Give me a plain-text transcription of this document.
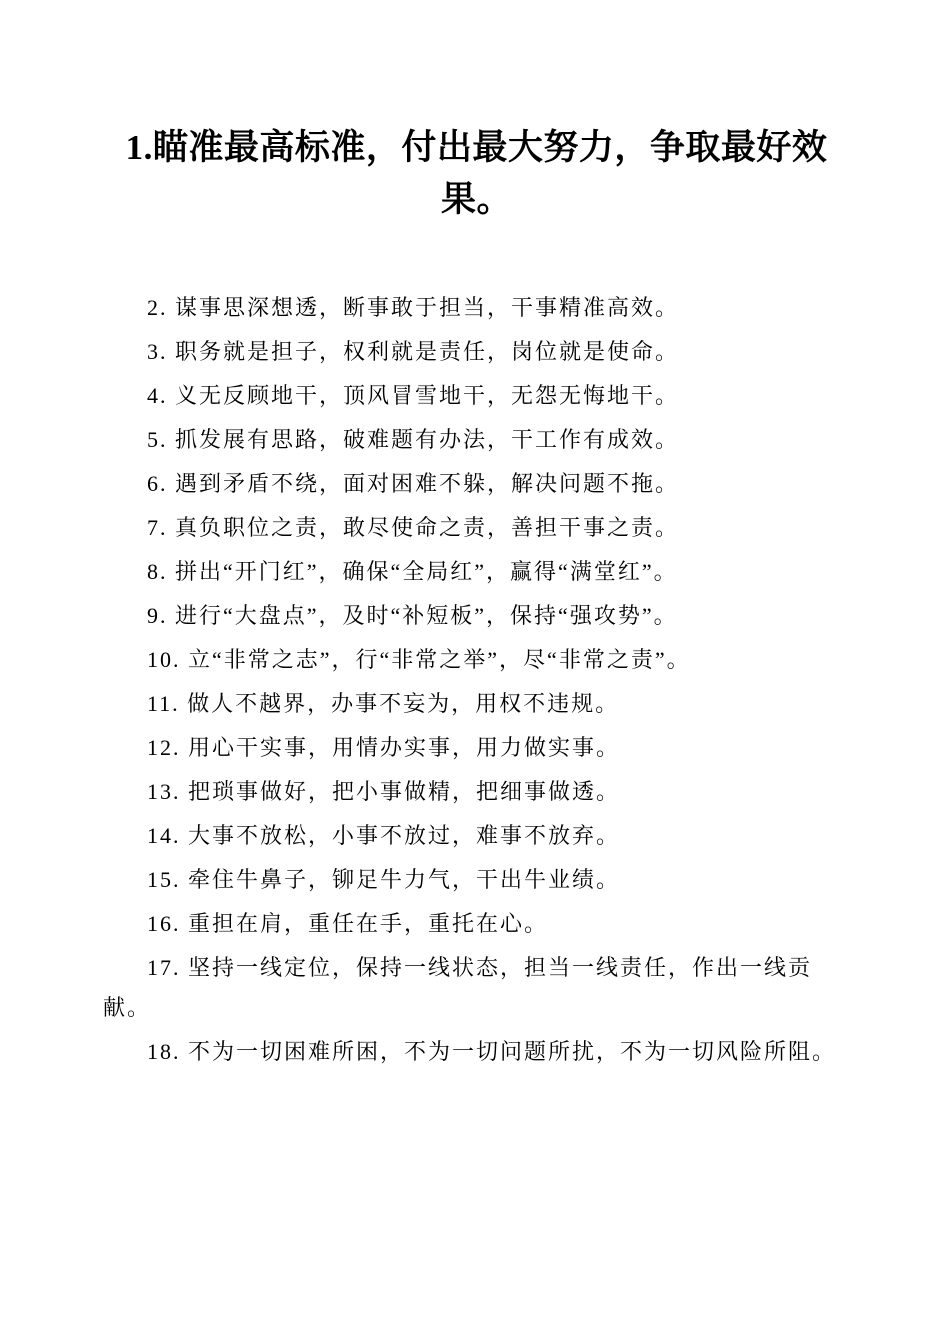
1.瞄准最高标准，付出最大努力，争取最好效果。

2. 谋事思深想透，断事敢于担当，干事精准高效。

3. 职务就是担子，权利就是责任，岗位就是使命。

4. 义无反顾地干，顶风冒雪地干，无怨无悔地干。

5. 抓发展有思路，破难题有办法，干工作有成效。

6. 遇到矛盾不绕，面对困难不躲，解决问题不拖。

7. 真负职位之责，敢尽使命之责，善担干事之责。

8. 拼出“开门红”，确保“全局红”，赢得“满堂红”。

9. 进行“大盘点”，及时“补短板”，保持“强攻势”。

10. 立“非常之志”，行“非常之举”，尽“非常之责”。

11. 做人不越界，办事不妄为，用权不违规。

12. 用心干实事，用情办实事，用力做实事。

13. 把琐事做好，把小事做精，把细事做透。

14. 大事不放松，小事不放过，难事不放弃。

15. 牵住牛鼻子，铆足牛力气，干出牛业绩。

16. 重担在肩，重任在手，重托在心。

17. 坚持一线定位，保持一线状态，担当一线责任，作出一线贡献。

18. 不为一切困难所困，不为一切问题所扰，不为一切风险所阻。
